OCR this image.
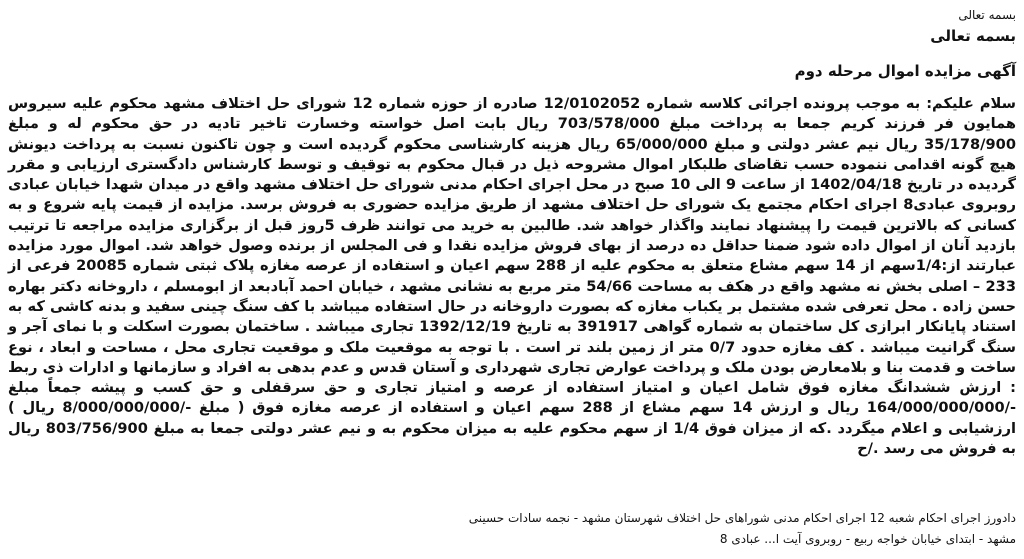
بسمه تعالی
بسمه تعالی
آگهی مزایده اموال مرحله دوم

سلام علیکم: به موجب پرونده اجرائی کلاسه شماره 12/0102052 صادره از حوزه شماره 12 شورای حل اختلاف مشهد محکوم علیه سیروس همایون فر فرزند کریم جمعا به پرداخت مبلغ 703/578/000 ریال بابت اصل خواسته وخسارت تاخیر تادیه در حق محکوم له و مبلغ 35/178/900 ریال نیم عشر دولتی و مبلغ 65/000/000 ریال هزینه کارشناسی محکوم گردیده است و چون تاکنون نسبت به پرداخت دیونش هیچ گونه اقدامی ننموده حسب تقاضای طلبکار اموال مشروحه ذیل در قبال محکوم به توقیف و توسط کارشناس دادگستری ارزیابی و مقرر گردیده در تاریخ 1402/04/18 از ساعت 9 الی 10 صبح در محل اجرای احکام مدنی شورای حل اختلاف مشهد واقع در میدان شهدا خیابان عبادی روبروی عبادی8 اجرای احکام مجتمع یک شورای حل اختلاف مشهد از طریق مزایده حضوری به فروش برسد. مزایده از قیمت پایه شروع و به کسانی که بالاترین قیمت را پیشنهاد نمایند واگذار خواهد شد. طالبین به خرید می توانند ظرف 5روز قبل از برگزاری مزایده مراجعه تا ترتیب بازدید آنان از اموال داده شود ضمنا حداقل ده درصد از بهای فروش مزایده نقدا و فی المجلس از برنده وصول خواهد شد. اموال مورد مزایده عبارتند از:1/4سهم از 14 سهم مشاع متعلق به محکوم علیه از 288 سهم اعیان و استفاده از عرصه مغازه پلاک ثبتی شماره 20085 فرعی از 233 – اصلی بخش نه مشهد واقع در هکف به مساحت 54/66 متر مربع به نشانی مشهد ، خیابان احمد آبادبعد از ابومسلم ، داروخانه دکتر بهاره حسن زاده . محل تعرفی شده مشتمل بر یکباب مغازه که بصورت داروخانه در حال استفاده میباشد با کف سنگ چینی سفید و بدنه کاشی که به استناد پایانکار ابرازی کل ساختمان به شماره گواهی 391917 به تاریخ 1392/12/19 تجاری میباشد . ساختمان بصورت اسکلت و با نمای آجر و سنگ گرانیت میباشد . کف مغازه حدود 0/7 متر از زمین بلند تر است . با توجه به موقعیت ملک و موقعیت تجاری محل ، مساحت و ابعاد ، نوع ساخت و قدمت بنا و بلامعارض بودن ملک و پرداخت عوارض تجاری شهرداری و آستان قدس و عدم بدهی به افراد و سازمانها و ادارات ذی ربط : ارزش ششدانگ مغازه فوق شامل اعیان و امتیاز استفاده از عرصه و امتیاز تجاری و حق سرقفلی و حق کسب و پیشه جمعاً مبلغ -/164/000/000/000 ریال و ارزش 14 سهم مشاع از 288 سهم اعیان و استفاده از عرصه مغازه فوق ( مبلغ -/8/000/000/000 ریال ) ارزشیابی و اعلام میگردد .که از میزان فوق 1/4 از سهم محکوم علیه به میزان محکوم به و نیم عشر دولتی جمعا به مبلغ 803/756/900 ریال به فروش می رسد ./ح

دادورز اجرای احکام شعبه 12 اجرای احکام مدنی شوراهای حل اختلاف شهرستان مشهد - نجمه سادات حسینی
مشهد - ابتدای خیابان خواجه ربیع - روبروی آیت ا... عبادی 8
